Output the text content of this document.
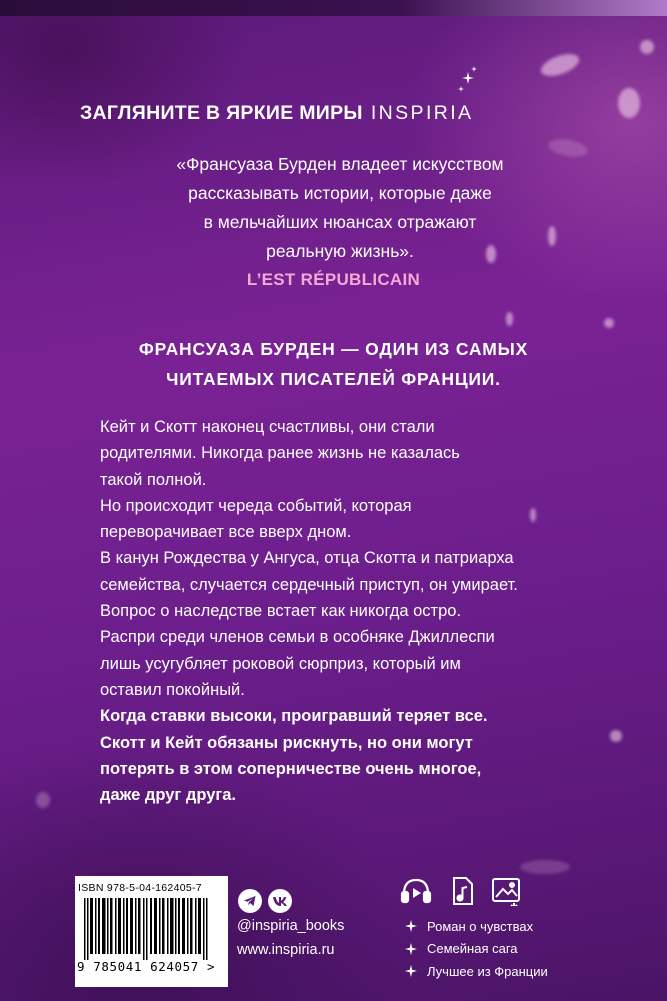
ЗАГЛЯНИТЕ В ЯРКИЕ МИРЫ INSPIRIA
«Франсуаза Бурден владеет искусством
рассказывать истории, которые даже
в мельчайших нюансах отражают
реальную жизнь».
L’EST RÉPUBLICAIN
ФРАНСУАЗА БУРДЕН — ОДИН ИЗ САМЫХ
ЧИТАЕМЫХ ПИСАТЕЛЕЙ ФРАНЦИИ.
Кейт и Скотт наконец счастливы, они стали
родителями. Никогда ранее жизнь не казалась
такой полной.
Но происходит череда событий, которая
переворачивает все вверх дном.
В канун Рождества у Ангуса, отца Скотта и патриарха
семейства, случается сердечный приступ, он умирает.
Вопрос о наследстве встает как никогда остро.
Распри среди членов семьи в особняке Джиллеспи
лишь усугубляет роковой сюрприз, который им
оставил покойный.
Когда ставки высоки, проигравший теряет все.
Скотт и Кейт обязаны рискнуть, но они могут
потерять в этом соперничестве очень многое,
даже друг друга.
ISBN 978-5-04-162405-7
9 785041 624057 >
@inspiria_books
www.inspiria.ru
Роман о чувствах
Семейная сага
Лучшее из Франции
